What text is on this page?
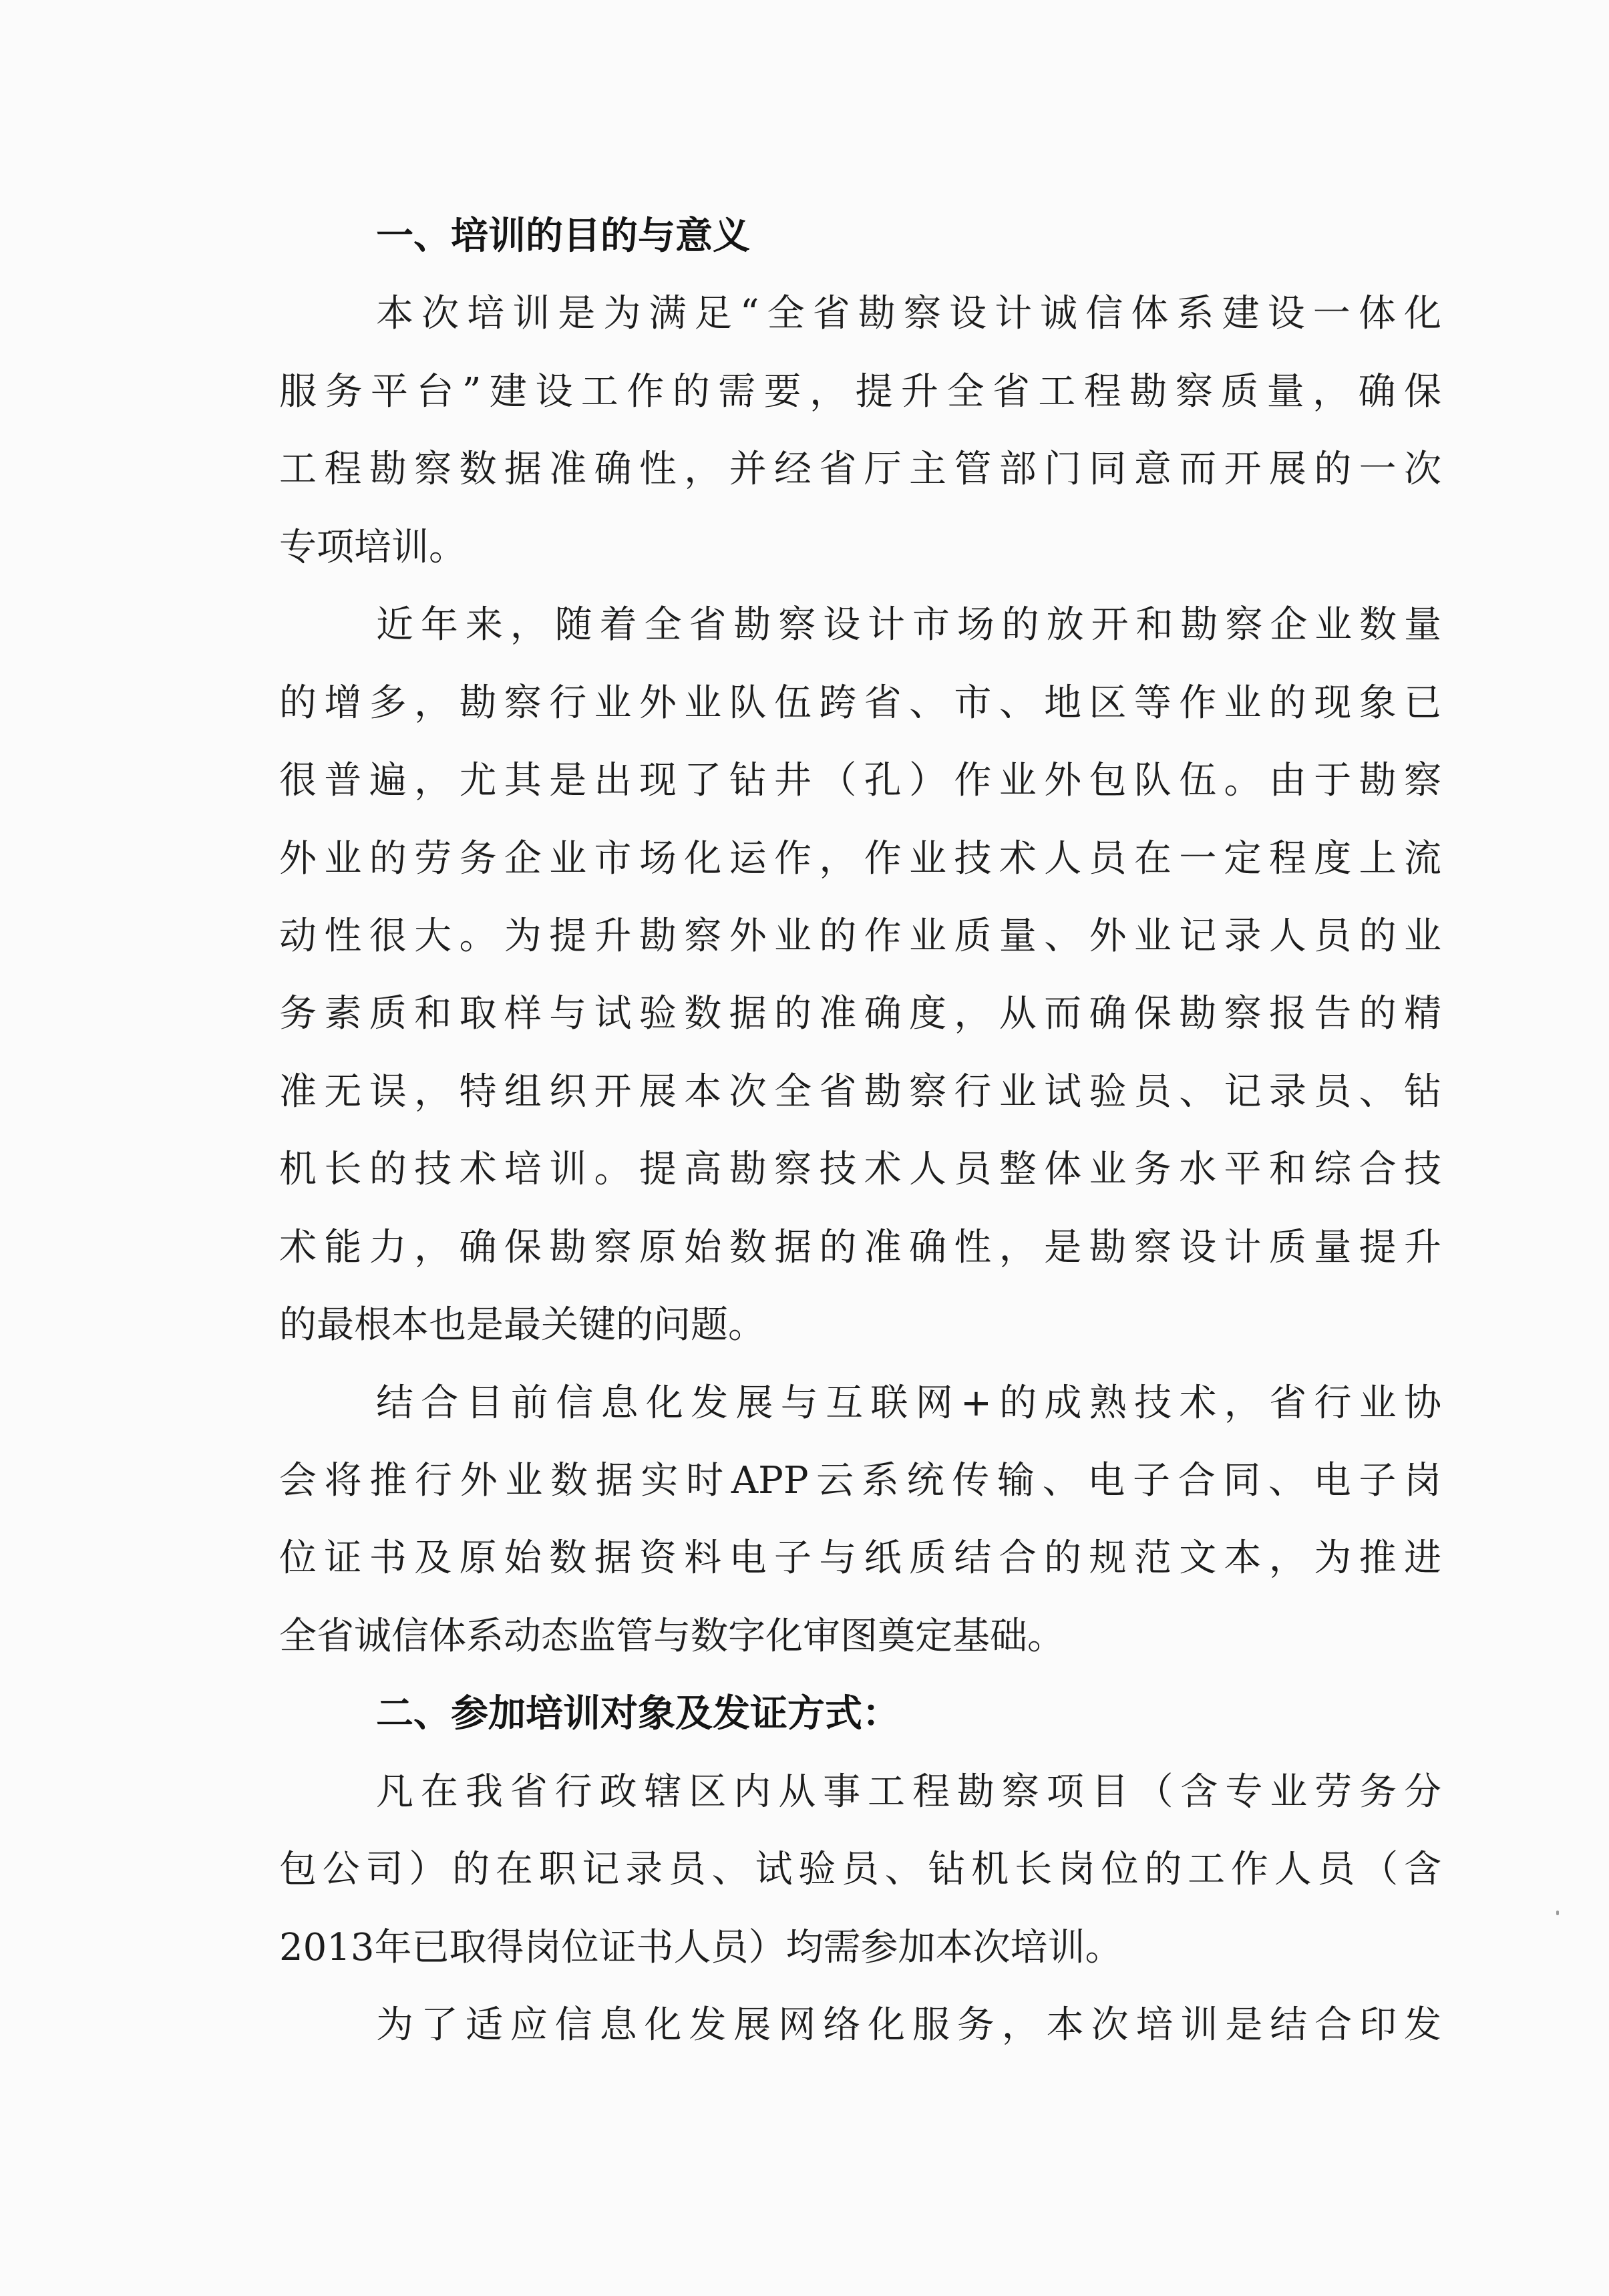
一、培训的目的与意义
本次培训是为满足“全省勘察设计诚信体系建设一体化
服务平台”建设工作的需要，提升全省工程勘察质量，确保
工程勘察数据准确性，并经省厅主管部门同意而开展的一次
专项培训。
近年来，随着全省勘察设计市场的放开和勘察企业数量
的增多，勘察行业外业队伍跨省、市、地区等作业的现象已
很普遍，尤其是出现了钻井（孔）作业外包队伍。由于勘察
外业的劳务企业市场化运作，作业技术人员在一定程度上流
动性很大。为提升勘察外业的作业质量、外业记录人员的业
务素质和取样与试验数据的准确度，从而确保勘察报告的精
准无误，特组织开展本次全省勘察行业试验员、记录员、钻
机长的技术培训。提高勘察技术人员整体业务水平和综合技
术能力，确保勘察原始数据的准确性，是勘察设计质量提升
的最根本也是最关键的问题。
结合目前信息化发展与互联网+的成熟技术，省行业协
会将推行外业数据实时APP云系统传输、电子合同、电子岗
位证书及原始数据资料电子与纸质结合的规范文本，为推进
全省诚信体系动态监管与数字化审图奠定基础。
二、参加培训对象及发证方式：
凡在我省行政辖区内从事工程勘察项目（含专业劳务分
包公司）的在职记录员、试验员、钻机长岗位的工作人员（含
2013年已取得岗位证书人员）均需参加本次培训。
为了适应信息化发展网络化服务，本次培训是结合印发
